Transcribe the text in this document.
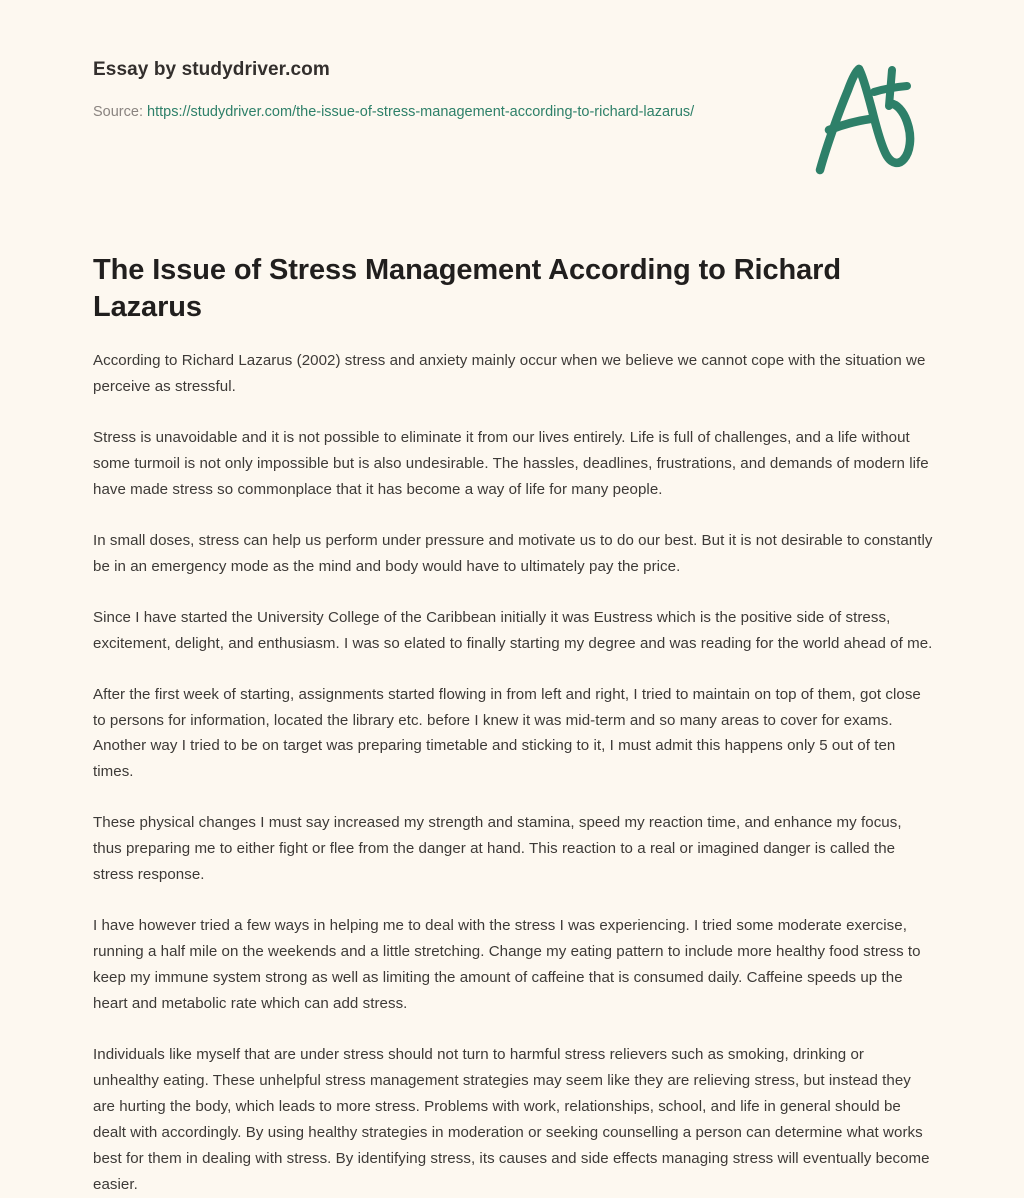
Essay by studydriver.com
Source: https://studydriver.com/the-issue-of-stress-management-according-to-richard-lazarus/
The Issue of Stress Management According to Richard Lazarus

According to Richard Lazarus (2002) stress and anxiety mainly occur when we believe we cannot cope with the situation we perceive as stressful.

Stress is unavoidable and it is not possible to eliminate it from our lives entirely. Life is full of challenges, and a life without some turmoil is not only impossible but is also undesirable. The hassles, deadlines, frustrations, and demands of modern life have made stress so commonplace that it has become a way of life for many people.

In small doses, stress can help us perform under pressure and motivate us to do our best. But it is not desirable to constantly be in an emergency mode as the mind and body would have to ultimately pay the price.

Since I have started the University College of the Caribbean initially it was Eustress which is the positive side of stress, excitement, delight, and enthusiasm. I was so elated to finally starting my degree and was reading for the world ahead of me.

After the first week of starting, assignments started flowing in from left and right, I tried to maintain on top of them, got close to persons for information, located the library etc. before I knew it was mid-term and so many areas to cover for exams. Another way I tried to be on target was preparing timetable and sticking to it, I must admit this happens only 5 out of ten times.

These physical changes I must say increased my strength and stamina, speed my reaction time, and enhance my focus, thus preparing me to either fight or flee from the danger at hand. This reaction to a real or imagined danger is called the stress response.

I have however tried a few ways in helping me to deal with the stress I was experiencing. I tried some moderate exercise, running a half mile on the weekends and a little stretching. Change my eating pattern to include more healthy food stress to keep my immune system strong as well as limiting the amount of caffeine that is consumed daily. Caffeine speeds up the heart and metabolic rate which can add stress.

Individuals like myself that are under stress should not turn to harmful stress relievers such as smoking, drinking or unhealthy eating. These unhelpful stress management strategies may seem like they are relieving stress, but instead they are hurting the body, which leads to more stress. Problems with work, relationships, school, and life in general should be dealt with accordingly. By using healthy strategies in moderation or seeking counselling a person can determine what works best for them in dealing with stress. By identifying stress, its causes and side effects managing stress will eventually become easier.
